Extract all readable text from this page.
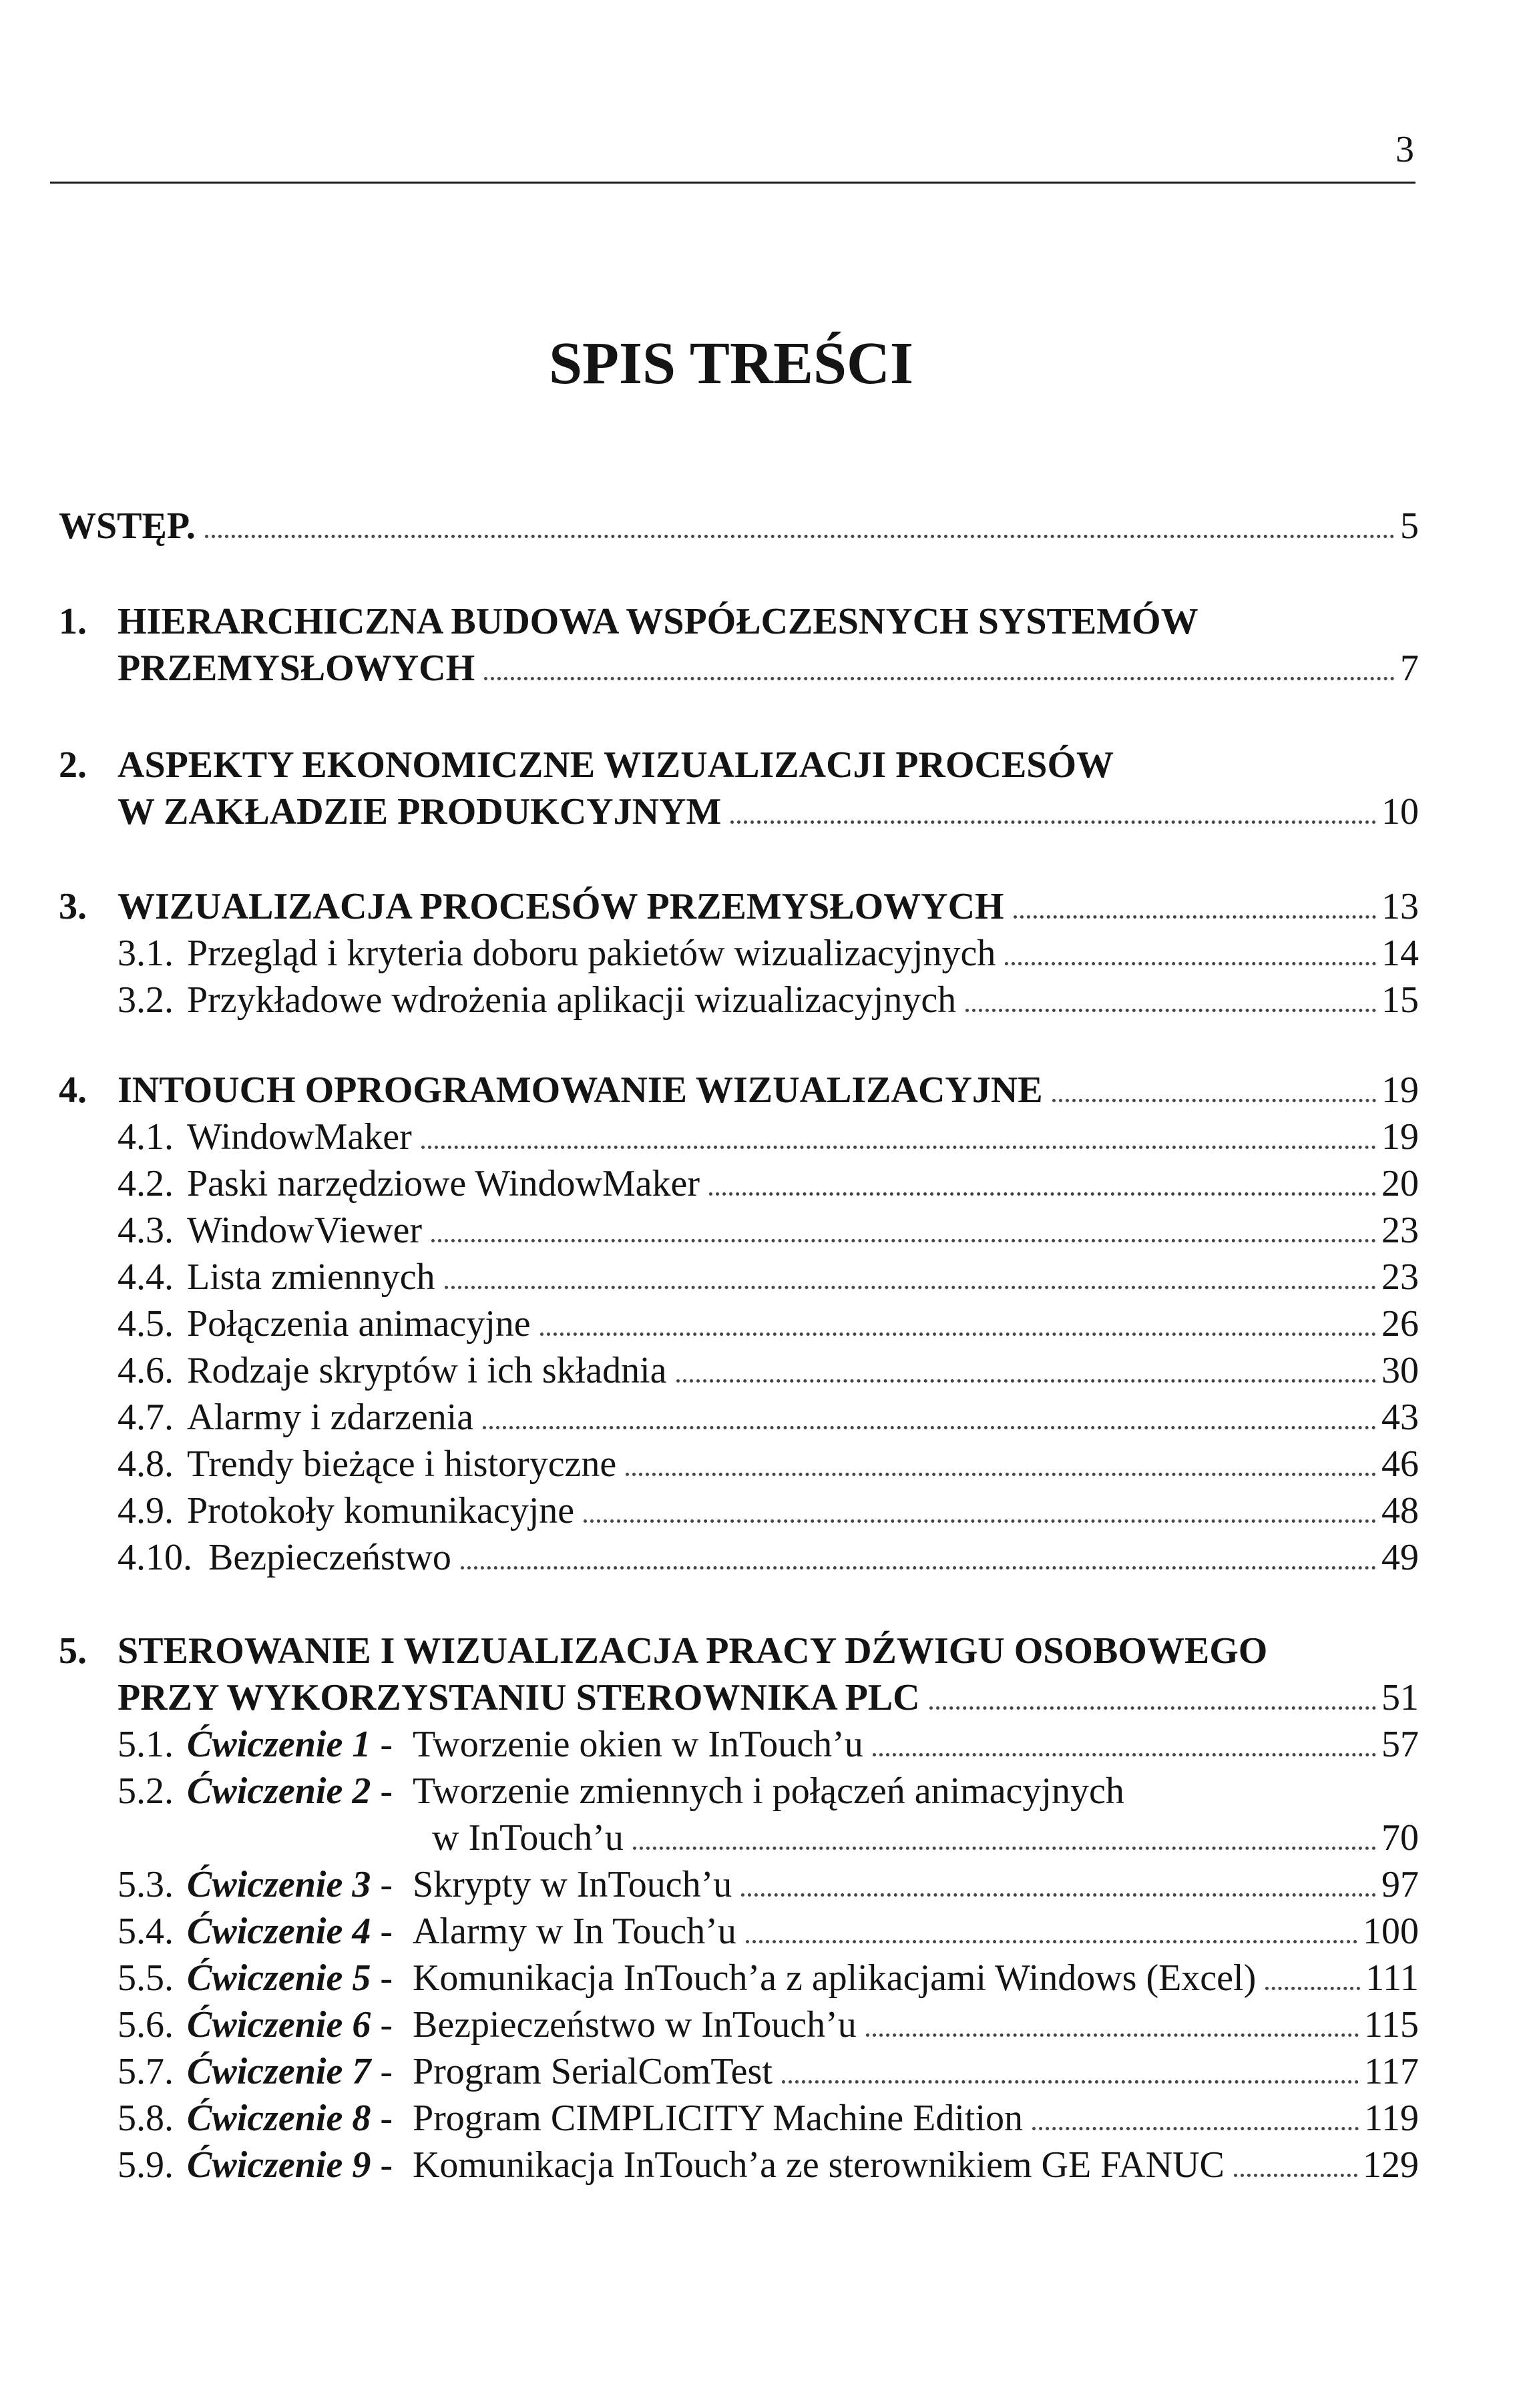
3
SPIS TREŚCI
WSTĘP.	5
1. HIERARCHICZNA BUDOWA WSPÓŁCZESNYCH SYSTEMÓW
PRZEMYSŁOWYCH	7
2. ASPEKTY EKONOMICZNE WIZUALIZACJI PROCESÓW
W ZAKŁADZIE PRODUKCYJNYM	10
3. WIZUALIZACJA PROCESÓW PRZEMYSŁOWYCH	13
3.1. Przegląd i kryteria doboru pakietów wizualizacyjnych	14
3.2. Przykładowe wdrożenia aplikacji wizualizacyjnych	15
4. INTOUCH OPROGRAMOWANIE WIZUALIZACYJNE	19
4.1. WindowMaker	19
4.2. Paski narzędziowe WindowMaker	20
4.3. WindowViewer	23
4.4. Lista zmiennych	23
4.5. Połączenia animacyjne	26
4.6. Rodzaje skryptów i ich składnia	30
4.7. Alarmy i zdarzenia	43
4.8. Trendy bieżące i historyczne	46
4.9. Protokoły komunikacyjne	48
4.10. Bezpieczeństwo	49
5. STEROWANIE I WIZUALIZACJA PRACY DŹWIGU OSOBOWEGO
PRZY WYKORZYSTANIU STEROWNIKA PLC	51
5.1. Ćwiczenie 1 - Tworzenie okien w InTouch’u	57
5.2. Ćwiczenie 2 - Tworzenie zmiennych i połączeń animacyjnych
w InTouch’u	70
5.3. Ćwiczenie 3 - Skrypty w InTouch’u	97
5.4. Ćwiczenie 4 - Alarmy w In Touch’u	100
5.5. Ćwiczenie 5 - Komunikacja InTouch’a z aplikacjami Windows (Excel)	111
5.6. Ćwiczenie 6 - Bezpieczeństwo w InTouch’u	115
5.7. Ćwiczenie 7 - Program SerialComTest	117
5.8. Ćwiczenie 8 - Program CIMPLICITY Machine Edition	119
5.9. Ćwiczenie 9 - Komunikacja InTouch’a ze sterownikiem GE FANUC	129
